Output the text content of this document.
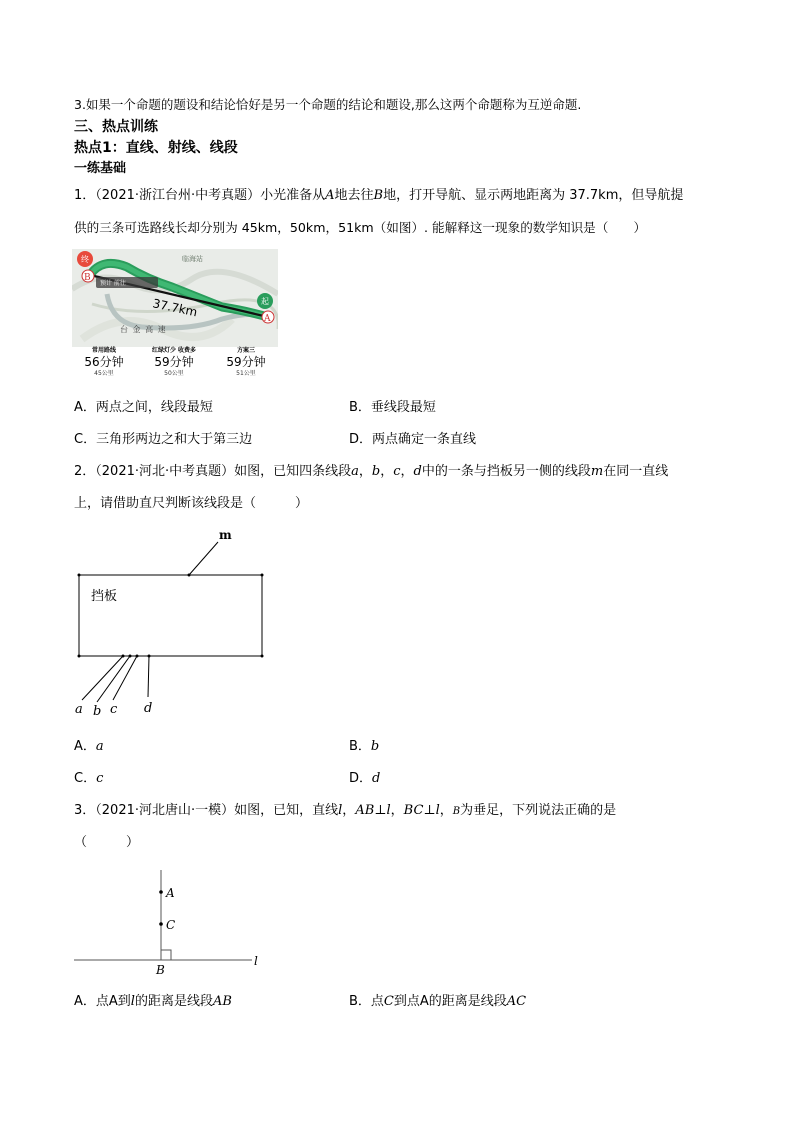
3.如果一个命题的题设和结论恰好是另一个命题的结论和题设,那么这两个命题称为互逆命题.
三、热点训练
热点1：直线、射线、线段
一练基础
1．（2021·浙江台州·中考真题）小光准备从A地去往B地，打开导航、显示两地距离为 37.7km，但导航提
供的三条可选路线长却分别为 45km，50km，51km（如图）. 能解释这一现象的数学知识是（　　）
预计 前往
37.7km
临海站
台 金 高 速
终
B
起
A
常用路线
56分钟
45公里
红绿灯少 收费多
59分钟
50公里
方案三
59分钟
51公里
A．两点之间，线段最短	B．垂线段最短
C．三角形两边之和大于第三边	D．两点确定一条直线
2．（2021·河北·中考真题）如图，已知四条线段a，b，c，d中的一条与挡板另一侧的线段m在同一直线
上，请借助直尺判断该线段是（　　　）
m
挡板
a b c d
A．a	B．b
C．c	D．d
3．（2021·河北唐山·一模）如图，已知，直线l，AB⊥l，BC⊥l，B为垂足，下列说法正确的是
（　　　）
A
C
B
l
A．点A到l的距离是线段AB	B．点C到点A的距离是线段AC
